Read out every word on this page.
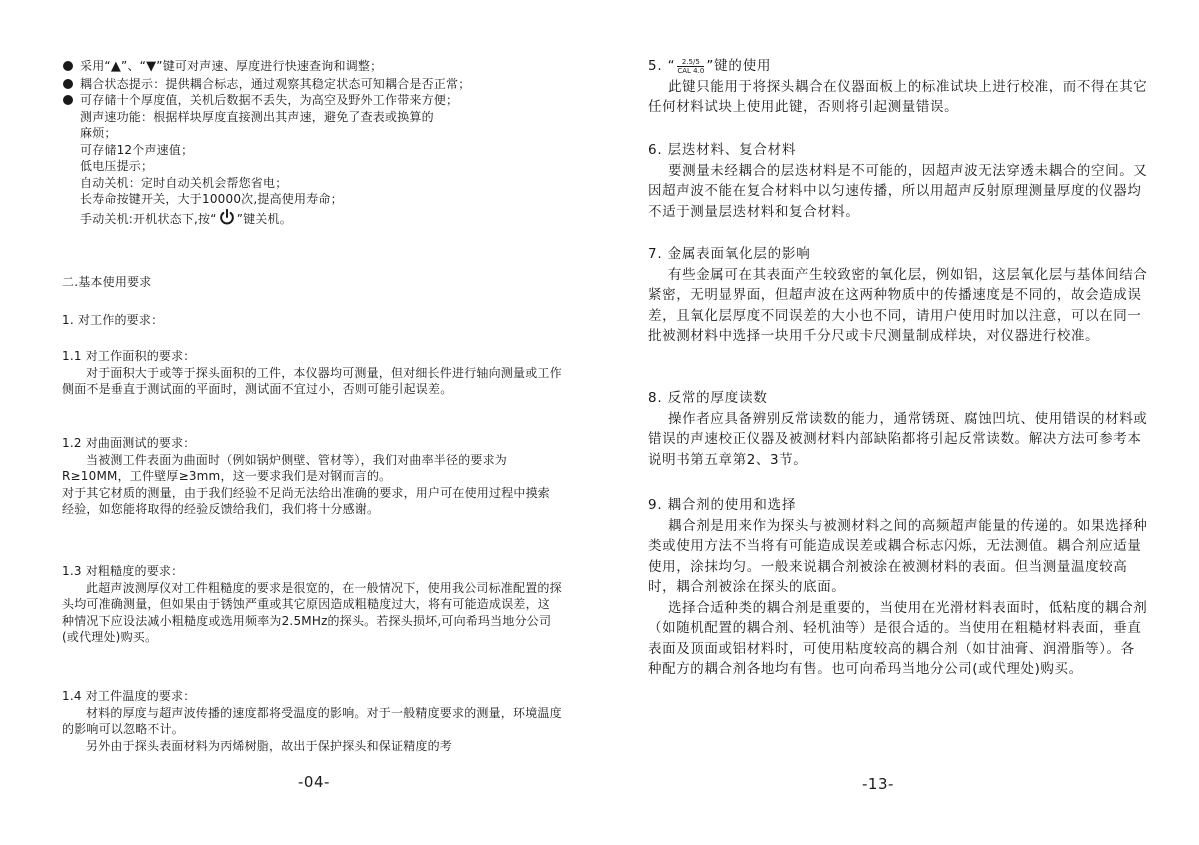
采用“▲”、“▼”键可对声速、厚度进行快速查询和调整；
耦合状态提示：提供耦合标志，通过观察其稳定状态可知耦合是否正常；
可存储十个厚度值，关机后数据不丢失，为高空及野外工作带来方便；
测声速功能：根据样块厚度直接测出其声速，避免了查表或换算的
麻烦；
可存储12个声速值；
低电压提示；
自动关机：定时自动关机会帮您省电；
长寿命按键开关，大于10000次,提高使用寿命；
手动关机:开机状态下,按“ ”键关机。

二.基本使用要求

1. 对工作的要求：

1.1 对工作面积的要求：
对于面积大于或等于探头面积的工件，本仪器均可测量，但对细长件进行轴向测量或工作侧面不是垂直于测试面的平面时，测试面不宜过小，否则可能引起误差。
1.2 对曲面测试的要求：
当被测工件表面为曲面时（例如锅炉侧壁、管材等），我们对曲率半径的要求为R≥10MM，工件壁厚≥3mm，这一要求我们是对钢而言的。
对于其它材质的测量，由于我们经验不足尚无法给出准确的要求，用户可在使用过程中摸索经验，如您能将取得的经验反馈给我们，我们将十分感谢。
1.3 对粗糙度的要求：
此超声波测厚仪对工件粗糙度的要求是很宽的，在一般情况下，使用我公司标准配置的探头均可准确测量，但如果由于锈蚀严重或其它原因造成粗糙度过大，将有可能造成误差，这种情况下应设法减小粗糙度或选用频率为2.5MHz的探头。若探头损坏,可向希玛当地分公司(或代理处)购买。
1.4 对工件温度的要求：
材料的厚度与超声波传播的速度都将受温度的影响。对于一般精度要求的测量，环境温度的影响可以忽略不计。
另外由于探头表面材料为丙烯树脂，故出于保护探头和保证精度的考
-04-
5. “ 2.5/5
CAL 4.0 ”键的使用

此键只能用于将探头耦合在仪器面板上的标准试块上进行校准，而不得在其它任何材料试块上使用此键，否则将引起测量错误。

6. 层迭材料、复合材料

要测量未经耦合的层迭材料是不可能的，因超声波无法穿透未耦合的空间。又因超声波不能在复合材料中以匀速传播，所以用超声反射原理测量厚度的仪器均不适于测量层迭材料和复合材料。

7. 金属表面氧化层的影响

有些金属可在其表面产生较致密的氧化层，例如铝，这层氧化层与基体间结合紧密，无明显界面，但超声波在这两种物质中的传播速度是不同的，故会造成误差，且氧化层厚度不同误差的大小也不同，请用户使用时加以注意，可以在同一批被测材料中选择一块用千分尺或卡尺测量制成样块，对仪器进行校准。

8. 反常的厚度读数

操作者应具备辨别反常读数的能力，通常锈斑、腐蚀凹坑、使用错误的材料或错误的声速校正仪器及被测材料内部缺陷都将引起反常读数。解决方法可参考本说明书第五章第2、3节。

9. 耦合剂的使用和选择

耦合剂是用来作为探头与被测材料之间的高频超声能量的传递的。如果选择种类或使用方法不当将有可能造成误差或耦合标志闪烁，无法测值。耦合剂应适量使用，涂抹均匀。一般来说耦合剂被涂在被测材料的表面。但当测量温度较高时，耦合剂被涂在探头的底面。

选择合适种类的耦合剂是重要的，当使用在光滑材料表面时，低粘度的耦合剂（如随机配置的耦合剂、轻机油等）是很合适的。当使用在粗糙材料表面，垂直表面及顶面或铝材料时，可使用粘度较高的耦合剂（如甘油膏、润滑脂等）。各种配方的耦合剂各地均有售。也可向希玛当地分公司(或代理处)购买。

-13-
